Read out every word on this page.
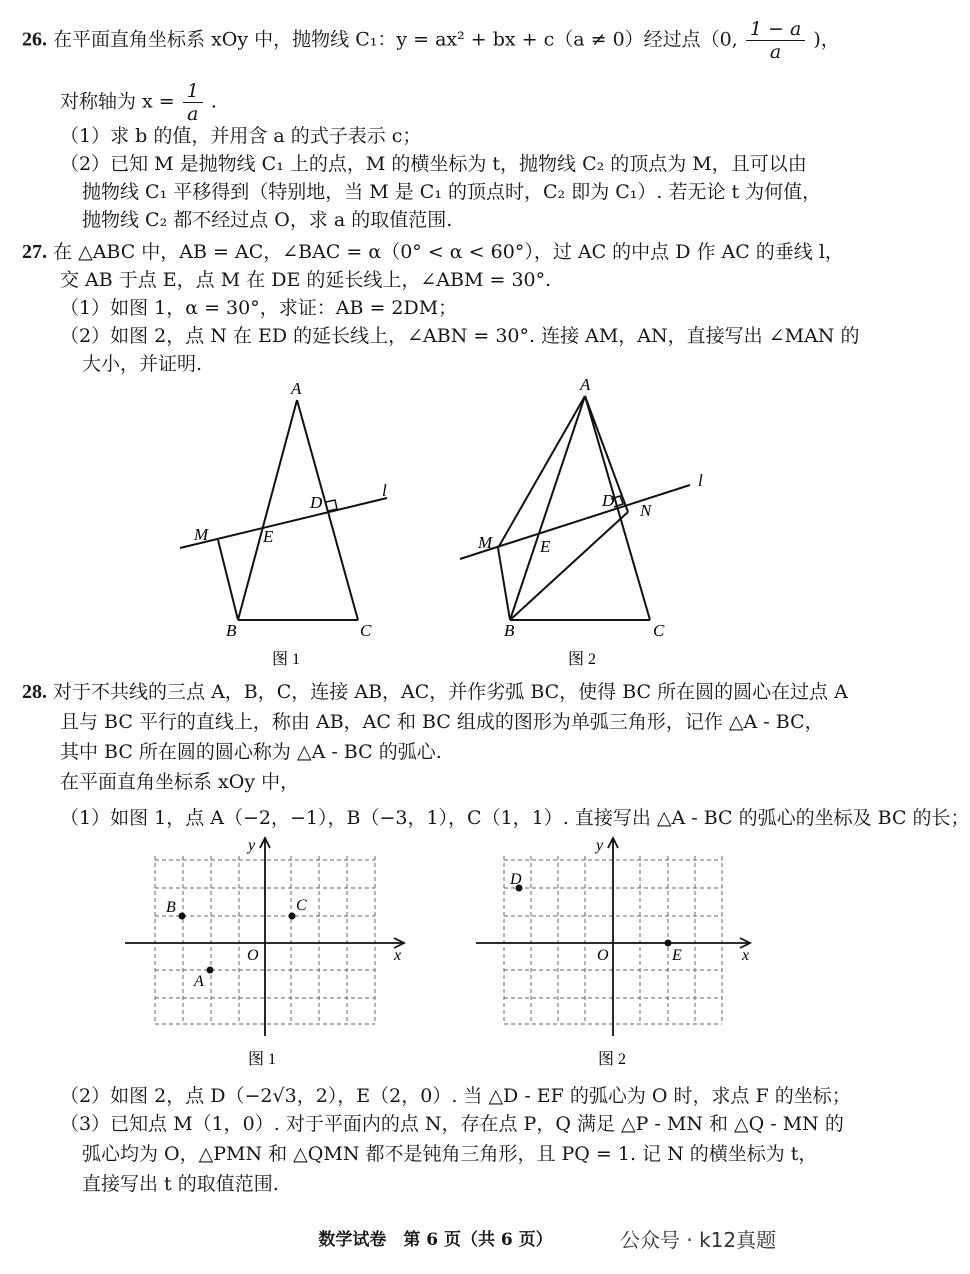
26. 在平面直角坐标系 xOy 中，抛物线 C₁：y = ax² + bx + c（a ≠ 0）经过点（0, $\frac{1 - a}{a}$ )，
对称轴为 $x = \frac{1}{a}$ .
（1）求 b 的值，并用含 a 的式子表示 c；
（2）已知 M 是抛物线 C₁ 上的点，M 的横坐标为 t，抛物线 C₂ 的顶点为 M，且可以由
抛物线 C₁ 平移得到（特别地，当 M 是 C₁ 的顶点时，C₂ 即为 C₁）. 若无论 t 为何值，
抛物线 C₂ 都不经过点 O，求 a 的取值范围.
27. 在 △ABC 中，AB = AC，∠BAC = α（0° < α < 60°），过 AC 的中点 D 作 AC 的垂线 l，
交 AB 于点 E，点 M 在 DE 的延长线上，∠ABM = 30°.
（1）如图 1，α = 30°，求证：AB = 2DM；
（2）如图 2，点 N 在 ED 的延长线上，∠ABN = 30°. 连接 AM，AN，直接写出 ∠MAN 的
大小，并证明.
A
B	C
D
E
M
l
图 1
A
B	C
D
E
M
N
l
图 2
28. 对于不共线的三点 A，B，C，连接 AB，AC，并作劣弧 BC，使得 BC 所在圆的圆心在过点 A
且与 BC 平行的直线上，称由 AB，AC 和 BC 组成的图形为单弧三角形，记作 △A - BC，
其中 BC 所在圆的圆心称为 △A - BC 的弧心.
在平面直角坐标系 xOy 中，
（1）如图 1，点 A（−2，−1），B（−3，1），C（1，1）. 直接写出 △A - BC 的弧心的坐标及 BC 的长；
y
x
O
B	C
A
图 1
y
x
O
D
E
图 2
（2）如图 2，点 D（−2√3，2），E（2，0）. 当 △D - EF 的弧心为 O 时，求点 F 的坐标；
（3）已知点 M（1，0）. 对于平面内的点 N，存在点 P，Q 满足 △P - MN 和 △Q - MN 的
弧心均为 O，△PMN 和 △QMN 都不是钝角三角形，且 PQ = 1. 记 N 的横坐标为 t，
直接写出 t 的取值范围.
数学试卷　第 6 页（共 6 页）	公众号 · k12真题
